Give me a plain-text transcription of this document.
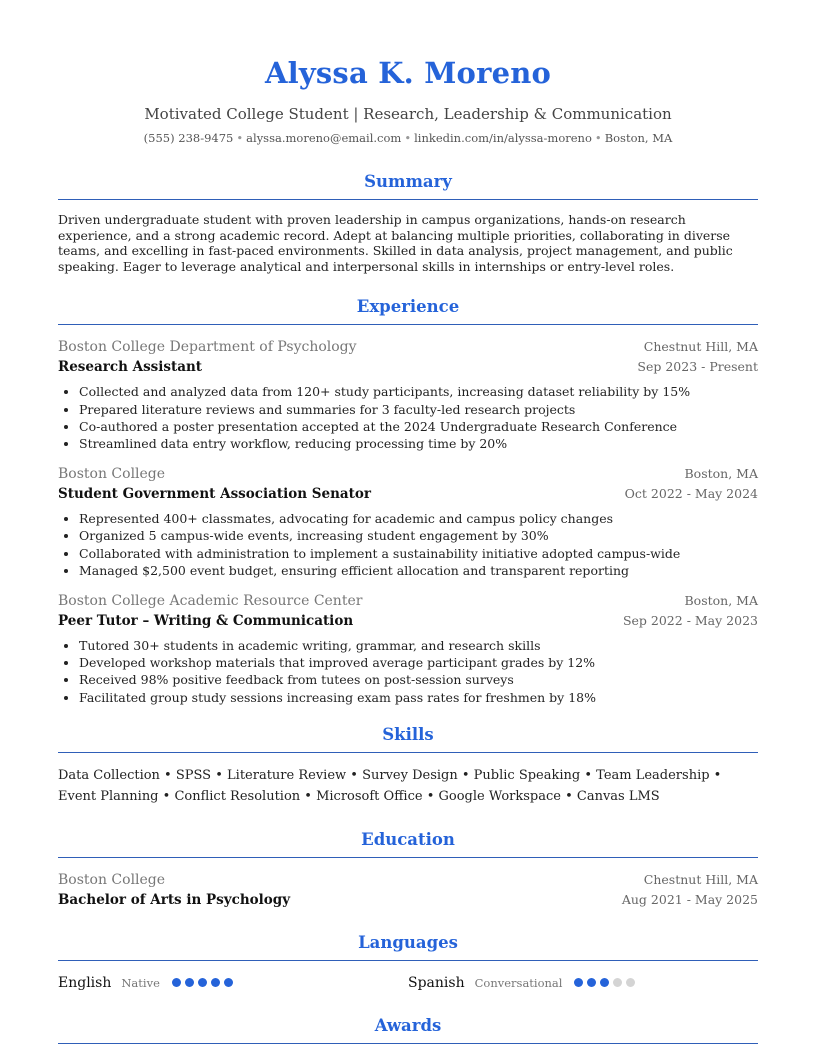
Alyssa K. Moreno
Motivated College Student | Research, Leadership & Communication
(555) 238-9475 • alyssa.moreno@email.com • linkedin.com/in/alyssa-moreno • Boston, MA
Summary
Driven undergraduate student with proven leadership in campus organizations, hands-on research experience, and a strong academic record. Adept at balancing multiple priorities, collaborating in diverse teams, and excelling in fast-paced environments. Skilled in data analysis, project management, and public speaking. Eager to leverage analytical and interpersonal skills in internships or entry-level roles.
Experience
Boston College Department of Psychology	Chestnut Hill, MA
Research Assistant	Sep 2023 - Present
• Collected and analyzed data from 120+ study participants, increasing dataset reliability by 15%
• Prepared literature reviews and summaries for 3 faculty-led research projects
• Co-authored a poster presentation accepted at the 2024 Undergraduate Research Conference
• Streamlined data entry workflow, reducing processing time by 20%
Boston College	Boston, MA
Student Government Association Senator	Oct 2022 - May 2024
• Represented 400+ classmates, advocating for academic and campus policy changes
• Organized 5 campus-wide events, increasing student engagement by 30%
• Collaborated with administration to implement a sustainability initiative adopted campus-wide
• Managed $2,500 event budget, ensuring efficient allocation and transparent reporting
Boston College Academic Resource Center	Boston, MA
Peer Tutor – Writing & Communication	Sep 2022 - May 2023
• Tutored 30+ students in academic writing, grammar, and research skills
• Developed workshop materials that improved average participant grades by 12%
• Received 98% positive feedback from tutees on post-session surveys
• Facilitated group study sessions increasing exam pass rates for freshmen by 18%
Skills
Data Collection • SPSS • Literature Review • Survey Design • Public Speaking • Team Leadership • Event Planning • Conflict Resolution • Microsoft Office • Google Workspace • Canvas LMS
Education
Boston College	Chestnut Hill, MA
Bachelor of Arts in Psychology	Aug 2021 - May 2025
Languages
English Native	Spanish Conversational
Awards
